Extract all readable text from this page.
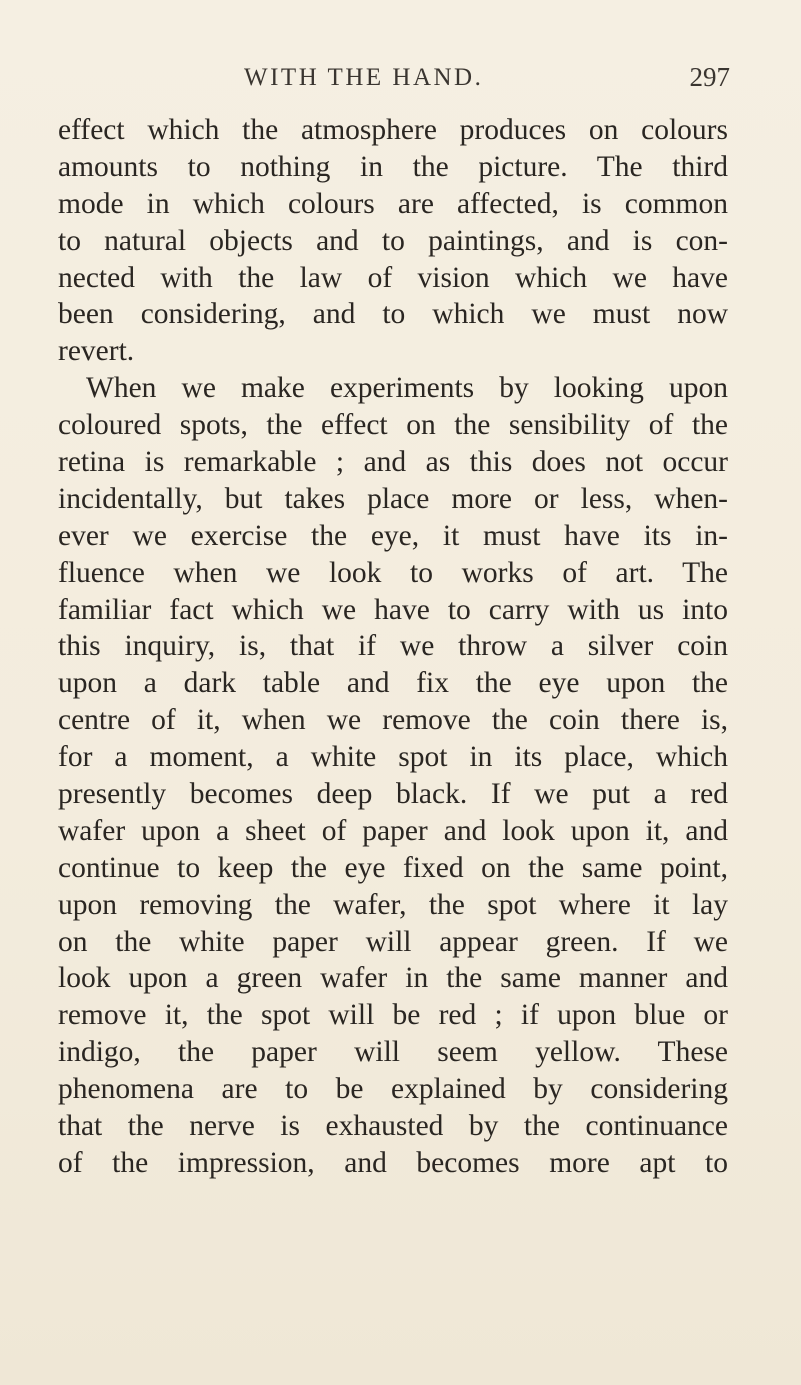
WITH THE HAND.	297
effect which the atmosphere produces on colours
amounts to nothing in the picture. The third
mode in which colours are affected, is common
to natural objects and to paintings, and is con-
nected with the law of vision which we have
been considering, and to which we must now
revert.
When we make experiments by looking upon
coloured spots, the effect on the sensibility of the
retina is remarkable ; and as this does not occur
incidentally, but takes place more or less, when-
ever we exercise the eye, it must have its in-
fluence when we look to works of art. The
familiar fact which we have to carry with us into
this inquiry, is, that if we throw a silver coin
upon a dark table and fix the eye upon the
centre of it, when we remove the coin there is,
for a moment, a white spot in its place, which
presently becomes deep black. If we put a red
wafer upon a sheet of paper and look upon it, and
continue to keep the eye fixed on the same point,
upon removing the wafer, the spot where it lay
on the white paper will appear green. If we
look upon a green wafer in the same manner and
remove it, the spot will be red ; if upon blue or
indigo, the paper will seem yellow. These
phenomena are to be explained by considering
that the nerve is exhausted by the continuance
of the impression, and becomes more apt to
